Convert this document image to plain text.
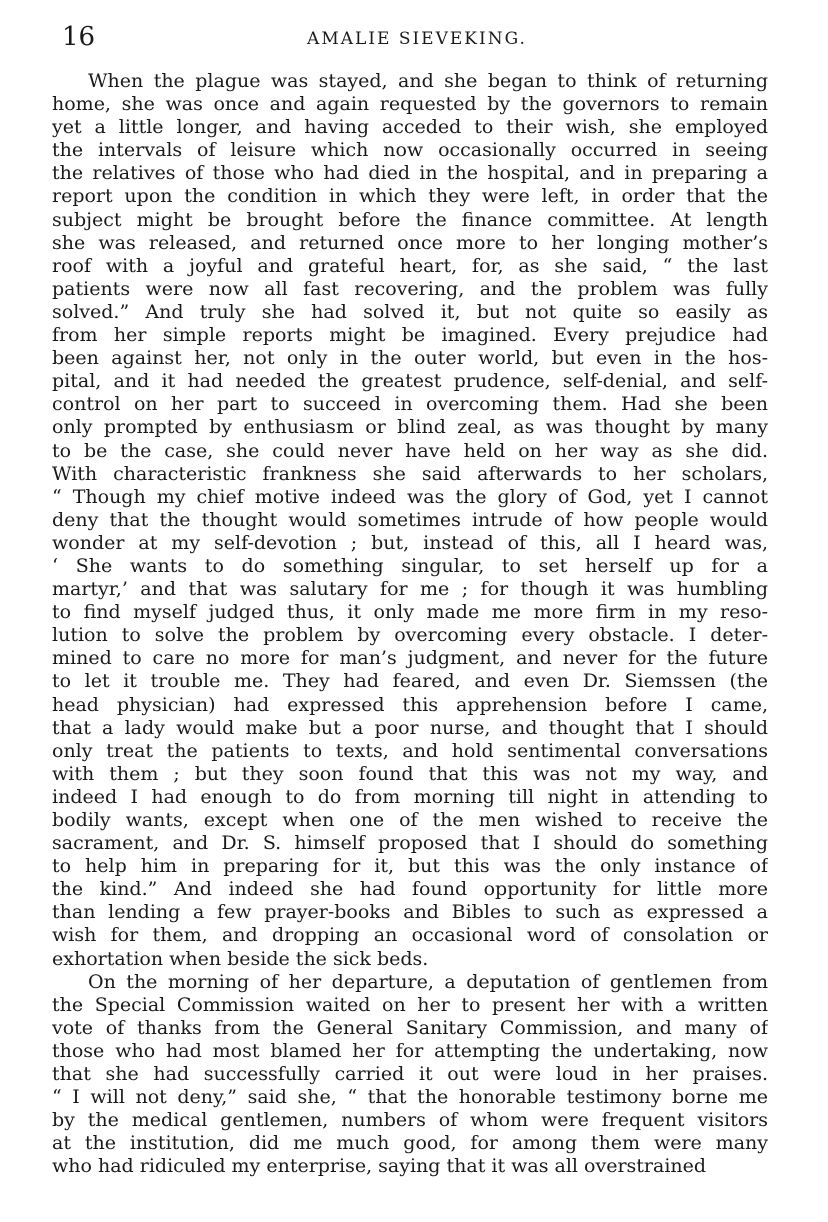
16	AMALIE SIEVEKING.
When the plague was stayed, and she began to think of returning
home, she was once and again requested by the governors to remain
yet a little longer, and having acceded to their wish, she employed
the intervals of leisure which now occasionally occurred in seeing
the relatives of those who had died in the hospital, and in preparing a
report upon the condition in which they were left, in order that the
subject might be brought before the finance committee. At length
she was released, and returned once more to her longing mother’s
roof with a joyful and grateful heart, for, as she said, “ the last
patients were now all fast recovering, and the problem was fully
solved.” And truly she had solved it, but not quite so easily as
from her simple reports might be imagined. Every prejudice had
been against her, not only in the outer world, but even in the hos-
pital, and it had needed the greatest prudence, self-denial, and self-
control on her part to succeed in overcoming them. Had she been
only prompted by enthusiasm or blind zeal, as was thought by many
to be the case, she could never have held on her way as she did.
With characteristic frankness she said afterwards to her scholars,
“ Though my chief motive indeed was the glory of God, yet I cannot
deny that the thought would sometimes intrude of how people would
wonder at my self-devotion ; but, instead of this, all I heard was,
‘ She wants to do something singular, to set herself up for a
martyr,’ and that was salutary for me ; for though it was humbling
to find myself judged thus, it only made me more firm in my reso-
lution to solve the problem by overcoming every obstacle. I deter-
mined to care no more for man’s judgment, and never for the future
to let it trouble me. They had feared, and even Dr. Siemssen (the
head physician) had expressed this apprehension before I came,
that a lady would make but a poor nurse, and thought that I should
only treat the patients to texts, and hold sentimental conversations
with them ; but they soon found that this was not my way, and
indeed I had enough to do from morning till night in attending to
bodily wants, except when one of the men wished to receive the
sacrament, and Dr. S. himself proposed that I should do something
to help him in preparing for it, but this was the only instance of
the kind.” And indeed she had found opportunity for little more
than lending a few prayer-books and Bibles to such as expressed a
wish for them, and dropping an occasional word of consolation or
exhortation when beside the sick beds.
On the morning of her departure, a deputation of gentlemen from
the Special Commission waited on her to present her with a written
vote of thanks from the General Sanitary Commission, and many of
those who had most blamed her for attempting the undertaking, now
that she had successfully carried it out were loud in her praises.
“ I will not deny,” said she, “ that the honorable testimony borne me
by the medical gentlemen, numbers of whom were frequent visitors
at the institution, did me much good, for among them were many
who had ridiculed my enterprise, saying that it was all overstrained
